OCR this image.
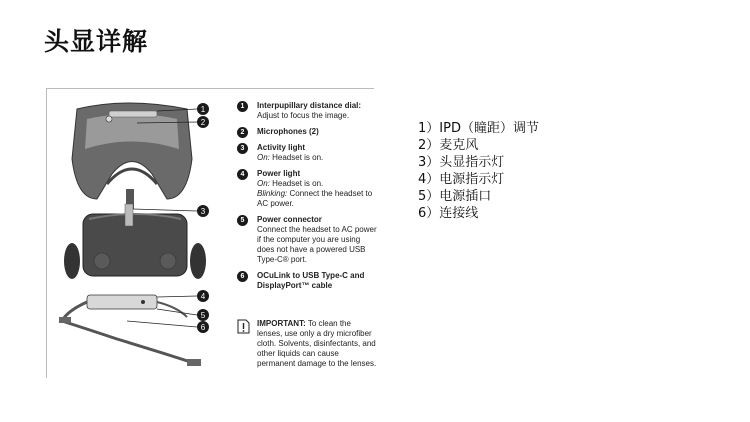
头显详解
1
2
3
4
5
6
1	Interpupillary distance dial:
Adjust to focus the image.
2	Microphones (2)
3	Activity light
On: Headset is on.
4	Power light
On: Headset is on.
Blinking: Connect the headset to AC power.
5	Power connector
Connect the headset to AC power if the computer you are using does not have a powered USB Type-C® port.
6	OCuLink to USB Type-C and DisplayPort™ cable
IMPORTANT: To clean the lenses, use only a dry microfiber cloth. Solvents, disinfectants, and other liquids can cause permanent damage to the lenses.
1）IPD（瞳距）调节
2）麦克风
3）头显指示灯
4）电源指示灯
5）电源插口
6）连接线
